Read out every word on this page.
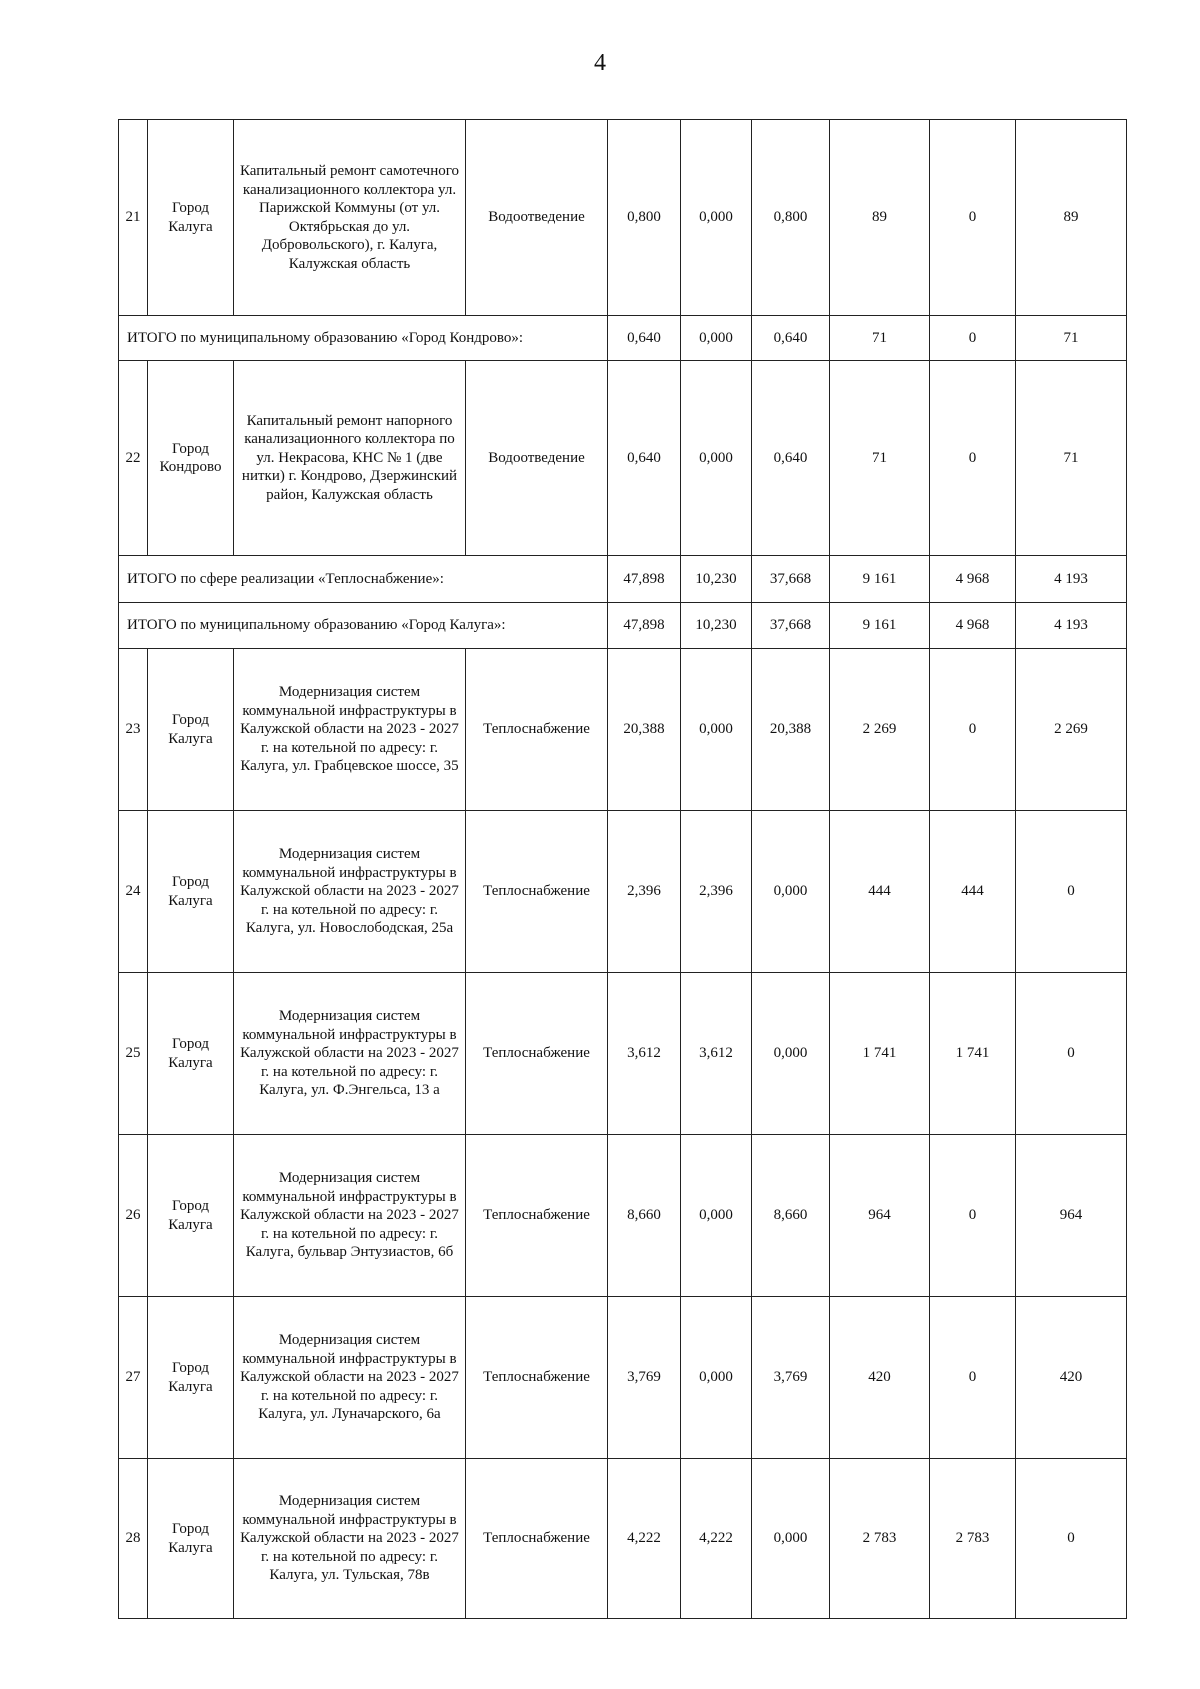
4
21	Город Калуга	Капитальный ремонт самотечного канализационного коллектора ул. Парижской Коммуны (от ул. Октябрьская до ул. Добровольского), г. Калуга, Калужская область	Водоотведение	0,800	0,000	0,800	89	0	89
ИТОГО по муниципальному образованию «Город Кондрово»:				0,640	0,000	0,640	71	0	71
22	Город Кондрово	Капитальный ремонт напорного канализационного коллектора по ул. Некрасова, КНС № 1 (две нитки) г. Кондрово, Дзержинский район, Калужская область	Водоотведение	0,640	0,000	0,640	71	0	71
ИТОГО по сфере реализации «Теплоснабжение»:				47,898	10,230	37,668	9 161	4 968	4 193
ИТОГО по муниципальному образованию «Город Калуга»:				47,898	10,230	37,668	9 161	4 968	4 193
23	Город Калуга	Модернизация систем коммунальной инфраструктуры в Калужской области на 2023 - 2027 г. на котельной по адресу: г. Калуга, ул. Грабцевское шоссе, 35	Теплоснабжение	20,388	0,000	20,388	2 269	0	2 269
24	Город Калуга	Модернизация систем коммунальной инфраструктуры в Калужской области на 2023 - 2027 г. на котельной по адресу: г. Калуга, ул. Новослободская, 25а	Теплоснабжение	2,396	2,396	0,000	444	444	0
25	Город Калуга	Модернизация систем коммунальной инфраструктуры в Калужской области на 2023 - 2027 г. на котельной по адресу: г. Калуга, ул. Ф.Энгельса, 13 а	Теплоснабжение	3,612	3,612	0,000	1 741	1 741	0
26	Город Калуга	Модернизация систем коммунальной инфраструктуры в Калужской области на 2023 - 2027 г. на котельной по адресу: г. Калуга, бульвар Энтузиастов, 6б	Теплоснабжение	8,660	0,000	8,660	964	0	964
27	Город Калуга	Модернизация систем коммунальной инфраструктуры в Калужской области на 2023 - 2027 г. на котельной по адресу: г. Калуга, ул. Луначарского, 6а	Теплоснабжение	3,769	0,000	3,769	420	0	420
28	Город Калуга	Модернизация систем коммунальной инфраструктуры в Калужской области на 2023 - 2027 г. на котельной по адресу: г. Калуга, ул. Тульская, 78в	Теплоснабжение	4,222	4,222	0,000	2 783	2 783	0
